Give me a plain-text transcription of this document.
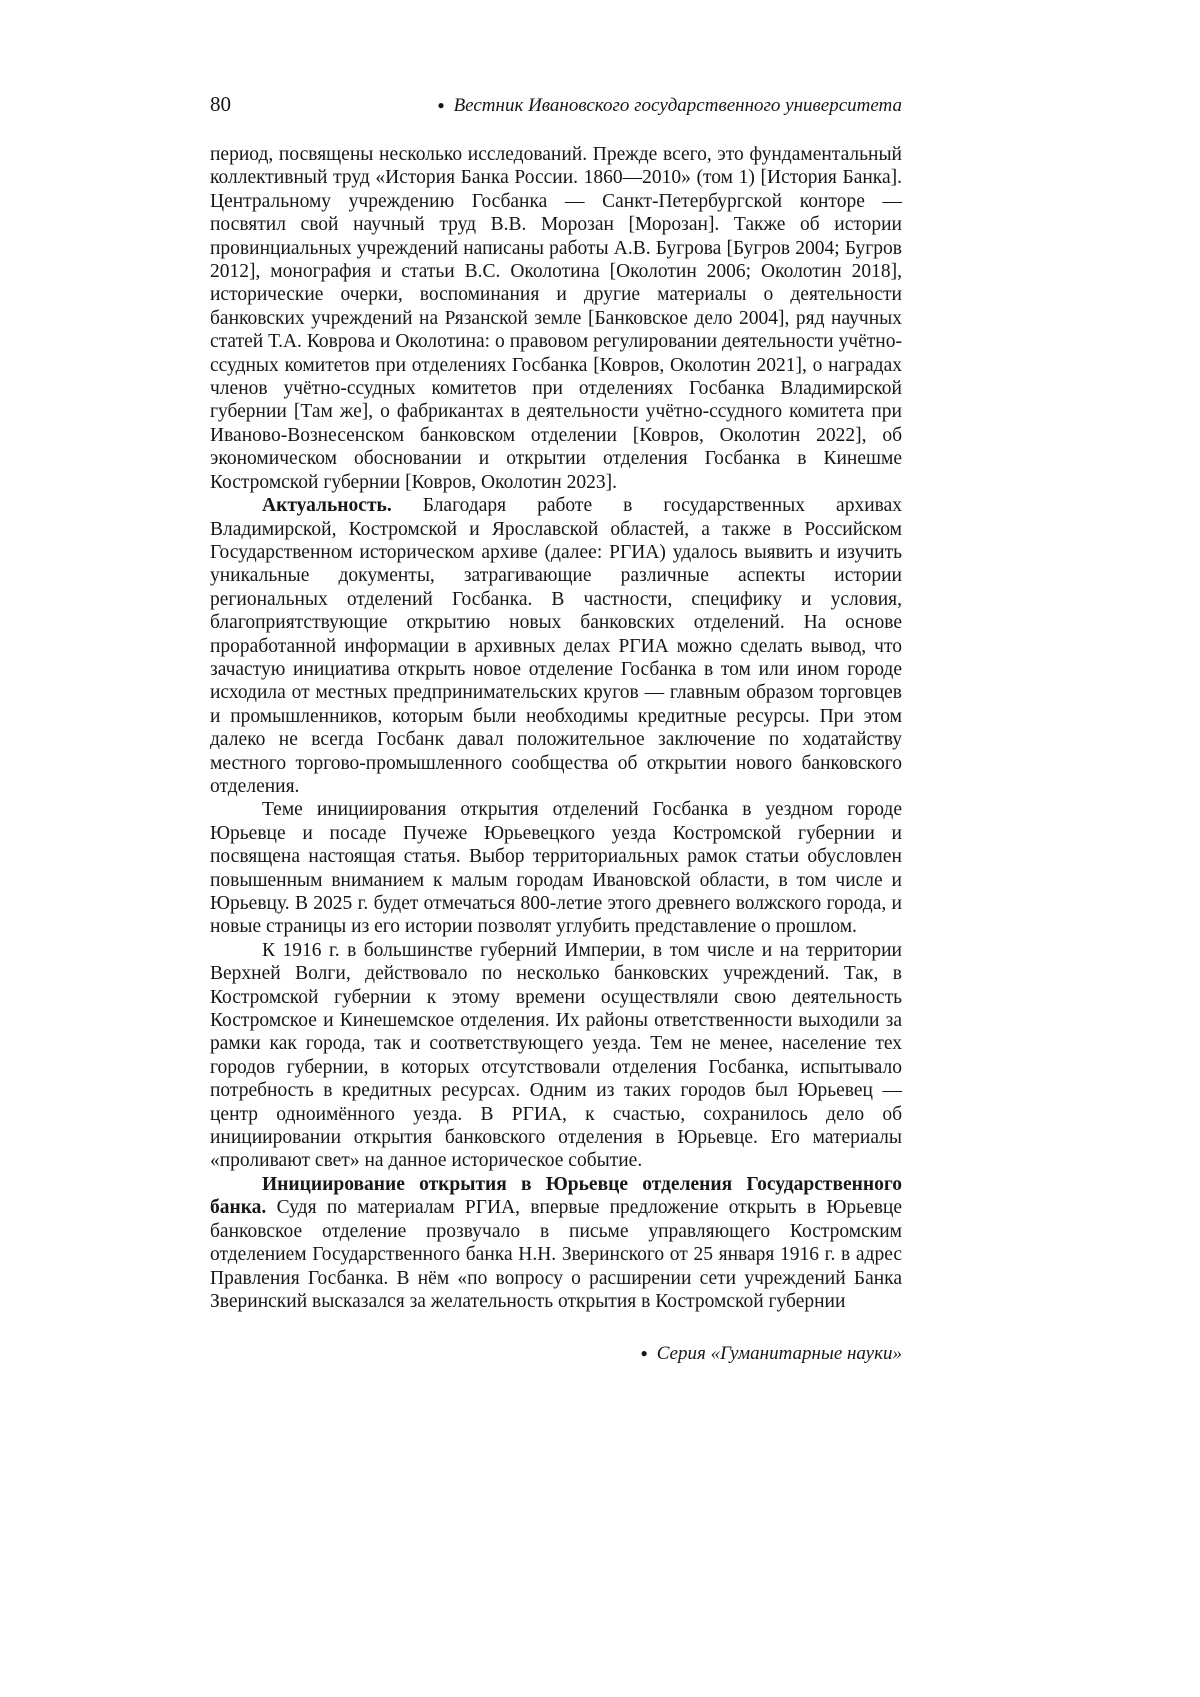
80	● Вестник Ивановского государственного университета

период, посвящены несколько исследований. Прежде всего, это фундаментальный коллективный труд «История Банка России. 1860—2010» (том 1) [История Банка]. Центральному учреждению Госбанка — Санкт-Петербургской конторе — посвятил свой научный труд В.В. Морозан [Морозан]. Также об истории провинциальных учреждений написаны работы А.В. Бугрова [Бугров 2004; Бугров 2012], монография и статьи В.С. Околотина [Околотин 2006; Околотин 2018], исторические очерки, воспоминания и другие материалы о деятельности банковских учреждений на Рязанской земле [Банковское дело 2004], ряд научных статей Т.А. Коврова и Околотина: о правовом регулировании деятельности учётно-ссудных комитетов при отделениях Госбанка [Ковров, Околотин 2021], о наградах членов учётно-ссудных комитетов при отделениях Госбанка Владимирской губернии [Там же], о фабрикантах в деятельности учётно-ссудного комитета при Иваново-Вознесенском банковском отделении [Ковров, Околотин 2022], об экономическом обосновании и открытии отделения Госбанка в Кинешме Костромской губернии [Ковров, Околотин 2023].

Актуальность. Благодаря работе в государственных архивах Владимирской, Костромской и Ярославской областей, а также в Российском Государственном историческом архиве (далее: РГИА) удалось выявить и изучить уникальные документы, затрагивающие различные аспекты истории региональных отделений Госбанка. В частности, специфику и условия, благоприятствующие открытию новых банковских отделений. На основе проработанной информации в архивных делах РГИА можно сделать вывод, что зачастую инициатива открыть новое отделение Госбанка в том или ином городе исходила от местных предпринимательских кругов — главным образом торговцев и промышленников, которым были необходимы кредитные ресурсы. При этом далеко не всегда Госбанк давал положительное заключение по ходатайству местного торгово-промышленного сообщества об открытии нового банковского отделения.

Теме инициирования открытия отделений Госбанка в уездном городе Юрьевце и посаде Пучеже Юрьевецкого уезда Костромской губернии и посвящена настоящая статья. Выбор территориальных рамок статьи обусловлен повышенным вниманием к малым городам Ивановской области, в том числе и Юрьевцу. В 2025 г. будет отмечаться 800-летие этого древнего волжского города, и новые страницы из его истории позволят углубить представление о прошлом.

К 1916 г. в большинстве губерний Империи, в том числе и на территории Верхней Волги, действовало по несколько банковских учреждений. Так, в Костромской губернии к этому времени осуществляли свою деятельность Костромское и Кинешемское отделения. Их районы ответственности выходили за рамки как города, так и соответствующего уезда. Тем не менее, население тех городов губернии, в которых отсутствовали отделения Госбанка, испытывало потребность в кредитных ресурсах. Одним из таких городов был Юрьевец — центр одноимённого уезда. В РГИА, к счастью, сохранилось дело об инициировании открытия банковского отделения в Юрьевце. Его материалы «проливают свет» на данное историческое событие.

Инициирование открытия в Юрьевце отделения Государственного банка. Судя по материалам РГИА, впервые предложение открыть в Юрьевце банковское отделение прозвучало в письме управляющего Костромским отделением Государственного банка Н.Н. Зверинского от 25 января 1916 г. в адрес Правления Госбанка. В нём «по вопросу о расширении сети учреждений Банка Зверинский высказался за желательность открытия в Костромской губернии

● Серия «Гуманитарные науки»
